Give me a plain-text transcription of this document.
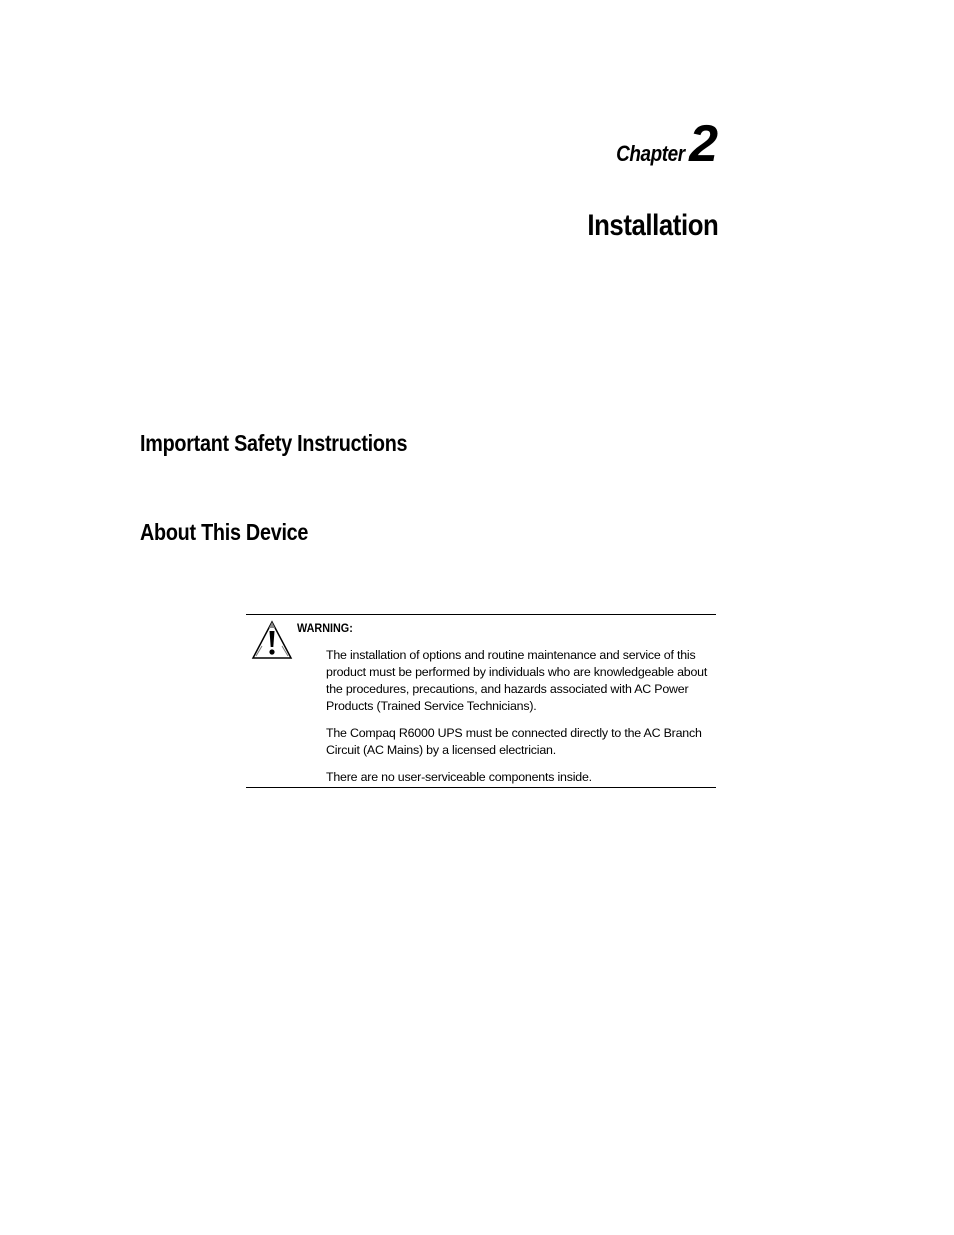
Chapter2
Installation
Important Safety Instructions
About This Device
WARNING:

The installation of options and routine maintenance and service of this product must be performed by individuals who are knowledgeable about the procedures, precautions, and hazards associated with AC Power Products (Trained Service Technicians).

The Compaq R6000 UPS must be connected directly to the AC Branch Circuit (AC Mains) by a licensed electrician.

There are no user-serviceable components inside.
